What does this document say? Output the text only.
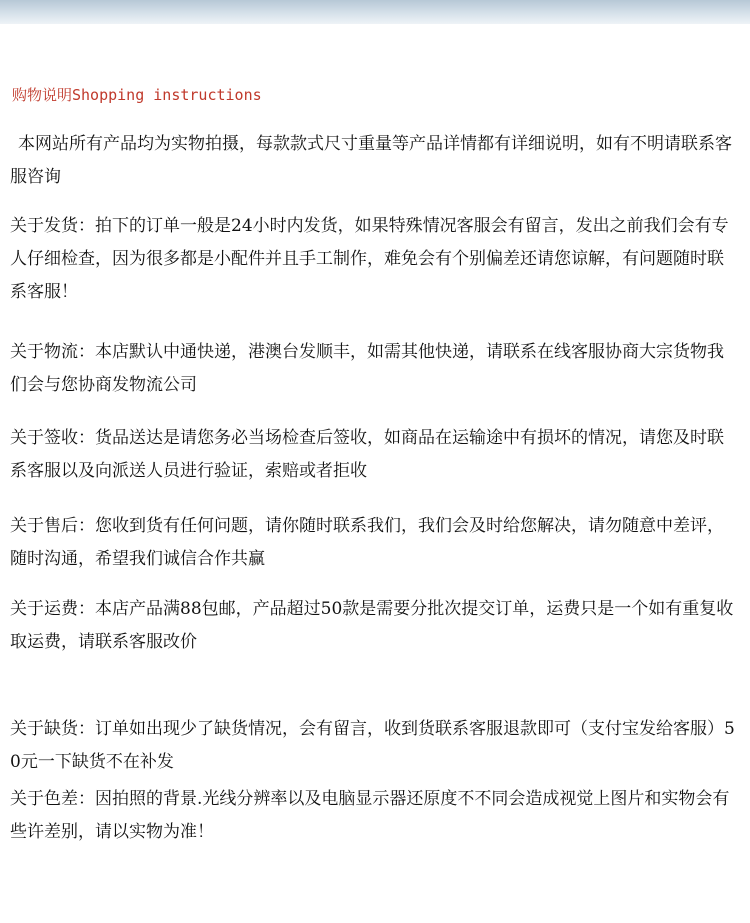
购物说明Shopping instructions

本网站所有产品均为实物拍摄，每款款式尺寸重量等产品详情都有详细说明，如有不明请联系客服咨询

关于发货：拍下的订单一般是24小时内发货，如果特殊情况客服会有留言，发出之前我们会有专人仔细检查，因为很多都是小配件并且手工制作，难免会有个别偏差还请您谅解，有问题随时联系客服！

关于物流：本店默认中通快递，港澳台发顺丰，如需其他快递，请联系在线客服协商大宗货物我们会与您协商发物流公司

关于签收：货品送达是请您务必当场检查后签收，如商品在运输途中有损坏的情况，请您及时联系客服以及向派送人员进行验证，索赔或者拒收

关于售后：您收到货有任何问题，请你随时联系我们，我们会及时给您解决，请勿随意中差评，随时沟通，希望我们诚信合作共赢

关于运费：本店产品满88包邮，产品超过50款是需要分批次提交订单，运费只是一个如有重复收取运费，请联系客服改价

关于缺货：订单如出现少了缺货情况，会有留言，收到货联系客服退款即可（支付宝发给客服）50元一下缺货不在补发

关于色差：因拍照的背景.光线分辨率以及电脑显示器还原度不不同会造成视觉上图片和实物会有些许差别，请以实物为准！
